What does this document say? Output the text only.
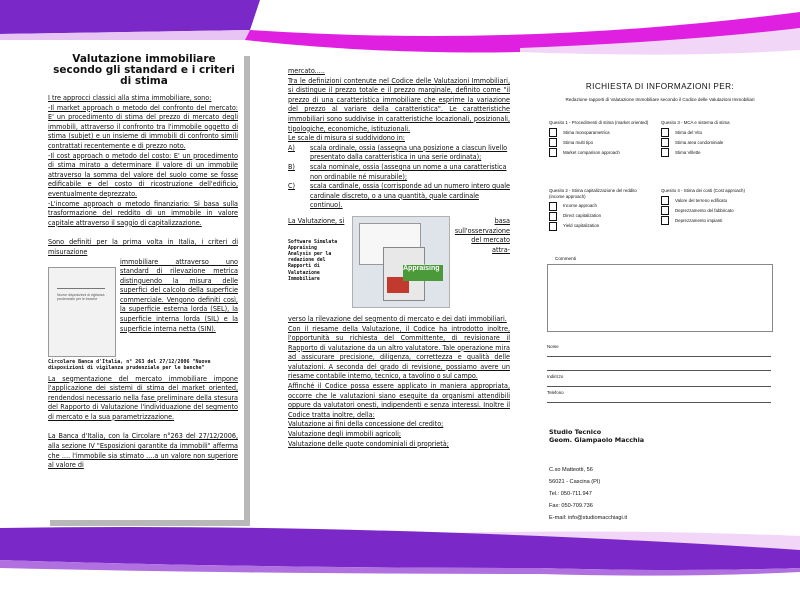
Valutazione immobiliare secondo gli standard e i criteri di stima
I tre approcci classici alla stima immobiliare, sono:
-Il market approach o metodo del confronto del mercato: E' un procedimento di stima del prezzo di mercato degli immobili, attraverso il confronto tra l'immobile oggetto di stima (subjet) e un insieme di immobili di confronto simili contrattati recentemente e di prezzo noto.
-Il cost approach o metodo del costo: E' un procedimento di stima mirato a determinare il valore di un immobile attraverso la somma del valore del suolo come se fosse edificabile e del costo di ricostruzione dell'edificio, eventualmente deprezzato.
-L'income approach o metodo finanziario: Si basa sulla trasformazione del reddito di un immobile in valore capitale attraverso il saggio di capitalizzazione.
Sono definiti per la prima volta in Italia, i criteri di misurazione
Nuove disposizioni di vigilanza prudenziale per le banche
immobiliare attraverso uno standard di rilevazione metrica distinguendo la misura delle superfici del calcolo della superficie commerciale. Vengono definiti così, la superficie esterna lorda (SEL), la superficie interna lorda (SIL) e la superficie interna netta (SIN).
Circolare Banca d'Italia, n° 263 del 27/12/2006 "Nuove disposizioni di vigilanza prudenziale per le banche"
La segmentazione del mercato immobiliare impone l'applicazione dei sistemi di stima del market oriented, rendendosi necessario nella fase preliminare della stesura del Rapporto di Valutazione l'individuazione del segmento di mercato e la sua parametrizzazione.
La Banca d'Italia, con la Circolare n°263 del 27/12/2006, alla sezione IV "Esposizioni garantite da immobili" afferma che .... l'immobile sia stimato ....a un valore non superiore al valore di
mercato.....
Tra le definizioni contenute nel Codice delle Valutazioni Immobiliari, si distingue il prezzo totale e il prezzo marginale, definito come "il prezzo di una caratteristica immobiliare che esprime la variazione del prezzo al variare della caratteristica". Le caratteristiche immobiliari sono suddivise in caratteristiche locazionali, posizionali, tipologiche, economiche, istituzionali.
Le scale di misura si suddividono in:
A)	scala ordinale, ossia (assegna una posizione a ciascun livello presentato dalla caratteristica in una serie ordinata);
B)	scala nominale, ossia (assegna un nome a una caratteristica non ordinabile né misurabile);
C)	scala cardinale, ossia (corrisponde ad un numero intero quale cardinale discreto, o a una quantità, quale cardinale continuo).
La Valutazione, si
Software Simulata Appraising Analysis per la redazione del Rapporti di Valutazione Immobiliare
Appraising
basa sull'osservazione
del mercato attra-
verso la rilevazione del segmento di mercato e dei dati immobiliari.
Con il riesame della Valutazione, il Codice ha introdotto inoltre, l'opportunità su richiesta del Committente, di revisionare il Rapporto di valutazione da un altro valutatore. Tale operazione mira ad assicurare precisione, diligenza, correttezza e qualità delle valutazioni. A seconda del grado di revisione, possiamo avere un riesame contabile interno, tecnico, a tavolino o sul campo.
Affinché il Codice possa essere applicato in maniera appropriata, occorre che le valutazioni siano eseguite da organismi attendibili oppure da valutatori onesti, indipendenti e senza interessi. Inoltre il Codice tratta inoltre, della:
Valutazione ai fini della concessione del credito;
Valutazione degli immobili agricoli;
Valutazione delle quote condominiali di proprietà;
RICHIESTA DI INFORMAZIONI PER:
Redazione rapporti di Valutazione Immobiliare secondo il Codice delle Valutazioni Immobiliari
Quesito 1 - Procedimenti di stima (market oriented)
Stima monoparametrica
Stima multi tipo
Market comparison approach
Quesito 3 - MCA e sistema di stima
Stima del Vito
Stima area condominiale
Stima Villette
Quesito 2 - Stima capitalizzazione del reddito (income approach)
Income approach
Direct capitalization
Yield capitalization
Quesito 4 - Stima dei costi (Cost approach)
Valore del terreno edificato
Deprezzamento del fabbricato
Deprezzamento impianti
Commenti
Nome
Indirizzo
Telefono
Studio Tecnico
Geom. Giampaolo Macchia
C.so Matteotti, 56
56021 - Cascina (PI)
Tel.: 050-711.947
Fax: 050-709.736
E-mail: info@studiomacchiagi.it
